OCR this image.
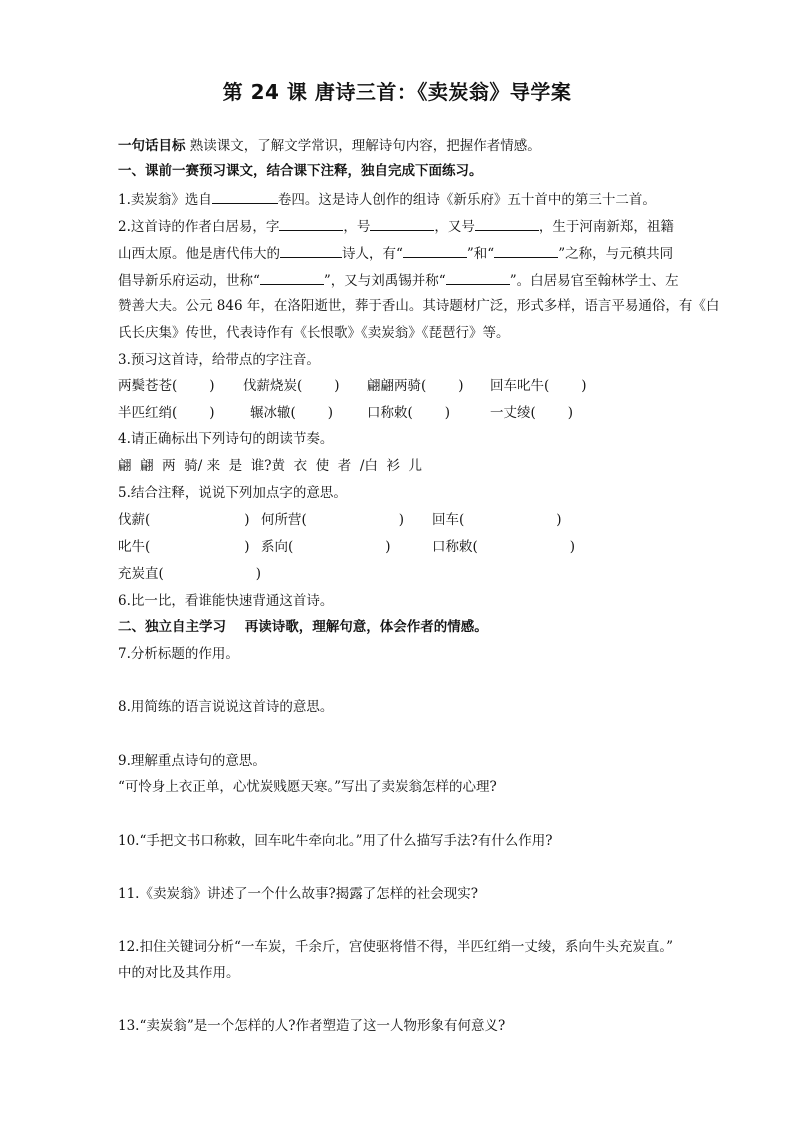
第 24 课 唐诗三首：《卖炭翁》导学案
一句话目标 熟读课文，了解文学常识，理解诗句内容，把握作者情感。
一、课前一赛预习课文，结合课下注释，独自完成下面练习。
1.卖炭翁》选自	卷四。这是诗人创作的组诗《新乐府》五十首中的第三十二首。
2.这首诗的作者白居易，字	，号	，又号	，生于河南新郑，祖籍
山西太原。他是唐代伟大的	诗人，有“	”和“	”之称，与元稹共同
倡导新乐府运动，世称“	”，又与刘禹锡并称“	”。白居易官至翰林学士、左
赞善大夫。公元 846 年，在洛阳逝世，葬于香山。其诗题材广泛，形式多样，语言平易通俗，有《白
氏长庆集》传世，代表诗作有《长恨歌》《卖炭翁》《琵琶行》等。
3.预习这首诗，给带点的字注音。
两鬓苍苍( ) 伐薪烧炭( ) 翩翩两骑( ) 回车叱牛( )
半匹红绡( )	辗冰辙( )	口称敕( )	一丈绫( )
4.请正确标出下列诗句的朗读节奏。
翩  翩  两  骑/ 来  是  谁?黄  衣  使  者  /白  衫  儿
5.结合注释，说说下列加点字的意思。
伐薪(	) 何所营(	) 回车(	)
叱牛(	) 系向(	)	口称敕(	)
充炭直(	)
6.比一比，看谁能快速背通这首诗。
二、独立自主学习    再读诗歌，理解句意，体会作者的情感。
7.分析标题的作用。
8.用简练的语言说说这首诗的意思。
9.理解重点诗句的意思。
“可怜身上衣正单，心忧炭贱愿天寒。”写出了卖炭翁怎样的心理?
10.“手把文书口称敕，回车叱牛牵向北。”用了什么描写手法?有什么作用?
11.《卖炭翁》讲述了一个什么故事?揭露了怎样的社会现实?
12.扣住关键词分析“一车炭，千余斤，宫使驱将惜不得，半匹红绡一丈绫，系向牛头充炭直。”
中的对比及其作用。
13.“卖炭翁”是一个怎样的人?作者塑造了这一人物形象有何意义?
